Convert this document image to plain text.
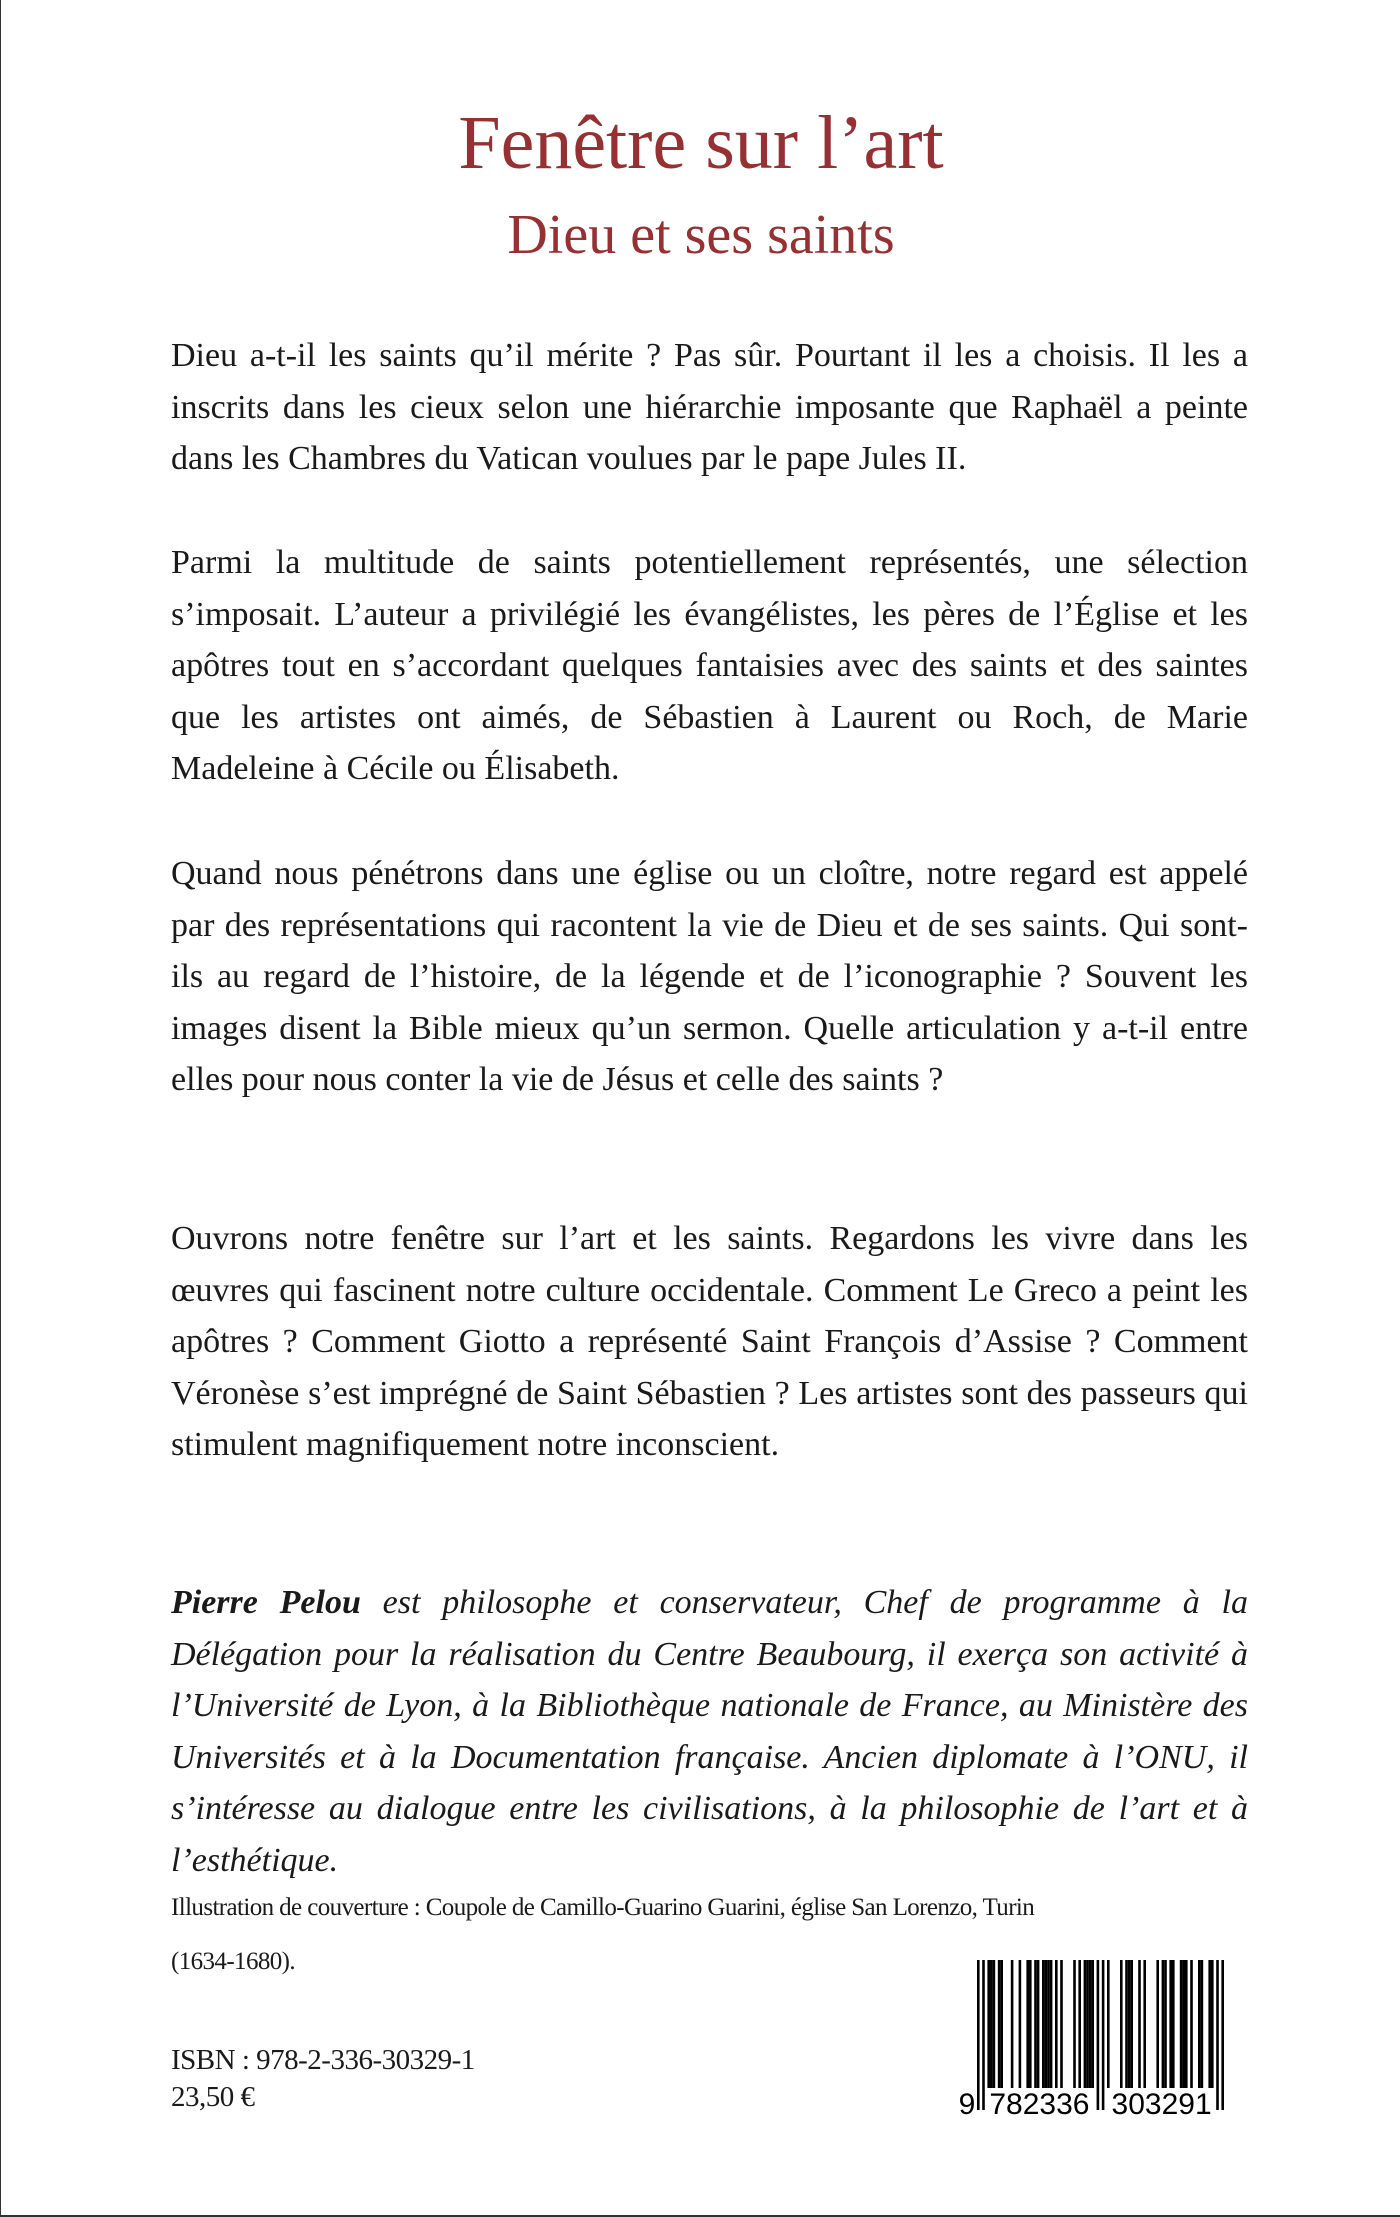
Fenêtre sur l’art
Dieu et ses saints

Dieu a-t-il les saints qu’il mérite ? Pas sûr. Pourtant il les a choisis. Il les a inscrits dans les cieux selon une hiérarchie imposante que Raphaël a peinte dans les Chambres du Vatican voulues par le pape Jules II.

Parmi la multitude de saints potentiellement représentés, une sélection s’imposait. L’auteur a privilégié les évangélistes, les pères de l’Église et les apôtres tout en s’accordant quelques fantaisies avec des saints et des saintes que les artistes ont aimés, de Sébastien à Laurent ou Roch, de Marie Madeleine à Cécile ou Élisabeth.

Quand nous pénétrons dans une église ou un cloître, notre regard est appelé par des représentations qui racontent la vie de Dieu et de ses saints. Qui sont-ils au regard de l’histoire, de la légende et de l’iconographie ? Souvent les images disent la Bible mieux qu’un sermon. Quelle articulation y a-t-il entre elles pour nous conter la vie de Jésus et celle des saints ?

Ouvrons notre fenêtre sur l’art et les saints. Regardons les vivre dans les œuvres qui fascinent notre culture occidentale. Comment Le Greco a peint les apôtres ? Comment Giotto a représenté Saint François d’Assise ? Comment Véronèse s’est imprégné de Saint Sébastien ? Les artistes sont des passeurs qui stimulent magnifiquement notre inconscient.

Pierre Pelou est philosophe et conservateur, Chef de programme à la Délégation pour la réalisation du Centre Beaubourg, il exerça son activité à l’Université de Lyon, à la Bibliothèque nationale de France, au Ministère des Universités et à la Documentation française. Ancien diplomate à l’ONU, il s’intéresse au dialogue entre les civilisations, à la philosophie de l’art et à l’esthétique.

Illustration de couverture : Coupole de Camillo-Guarino Guarini, église San Lorenzo, Turin
(1634-1680).
ISBN : 978-2-336-30329-1
23,50 €	9 782336 303291
